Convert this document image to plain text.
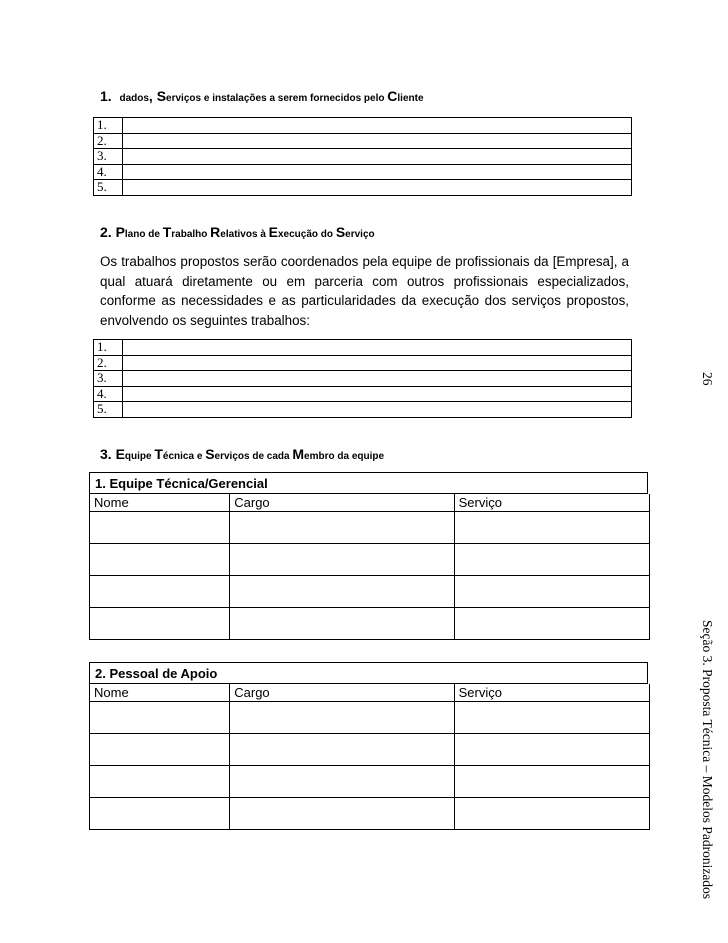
1. dados, Serviços e instalações a serem fornecidos pelo Cliente
1.	
2.	
3.	
4.	
5.	
2. Plano de Trabalho Relativos à Execução do Serviço
Os trabalhos propostos serão coordenados pela equipe de profissionais da [Empresa], a qual atuará diretamente ou em parceria com outros profissionais especializados, conforme as necessidades e as particularidades da execução dos serviços propostos, envolvendo os seguintes trabalhos:
1.	
2.	
3.	
4.	
5.	
3. Equipe Técnica e Serviços de cada Membro da equipe
1. Equipe Técnica/Gerencial
Nome	Cargo	Serviço

2. Pessoal de Apoio
Nome	Cargo	Serviço

26
Seção 3. Proposta Técnica – Modelos Padronizados
